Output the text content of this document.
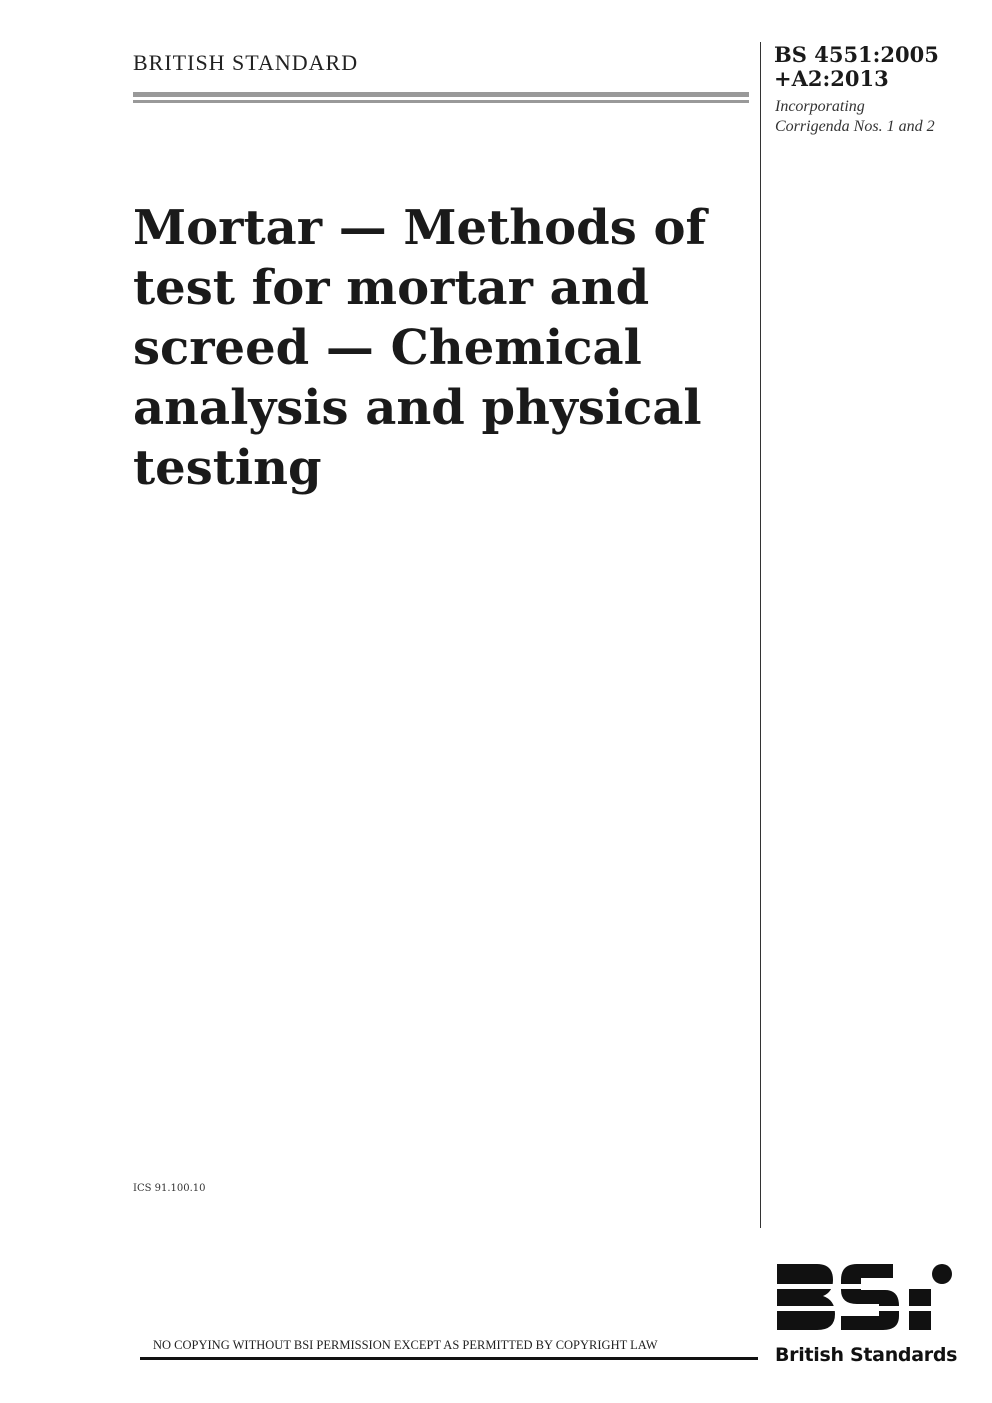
BRITISH STANDARD	BS 4551:2005
+A2:2013
Incorporating
Corrigenda Nos. 1 and 2
Mortar — Methods of
test for mortar and
screed — Chemical
analysis and physical
testing
ICS 91.100.10
NO COPYING WITHOUT BSI PERMISSION EXCEPT AS PERMITTED BY COPYRIGHT LAW	British Standards
